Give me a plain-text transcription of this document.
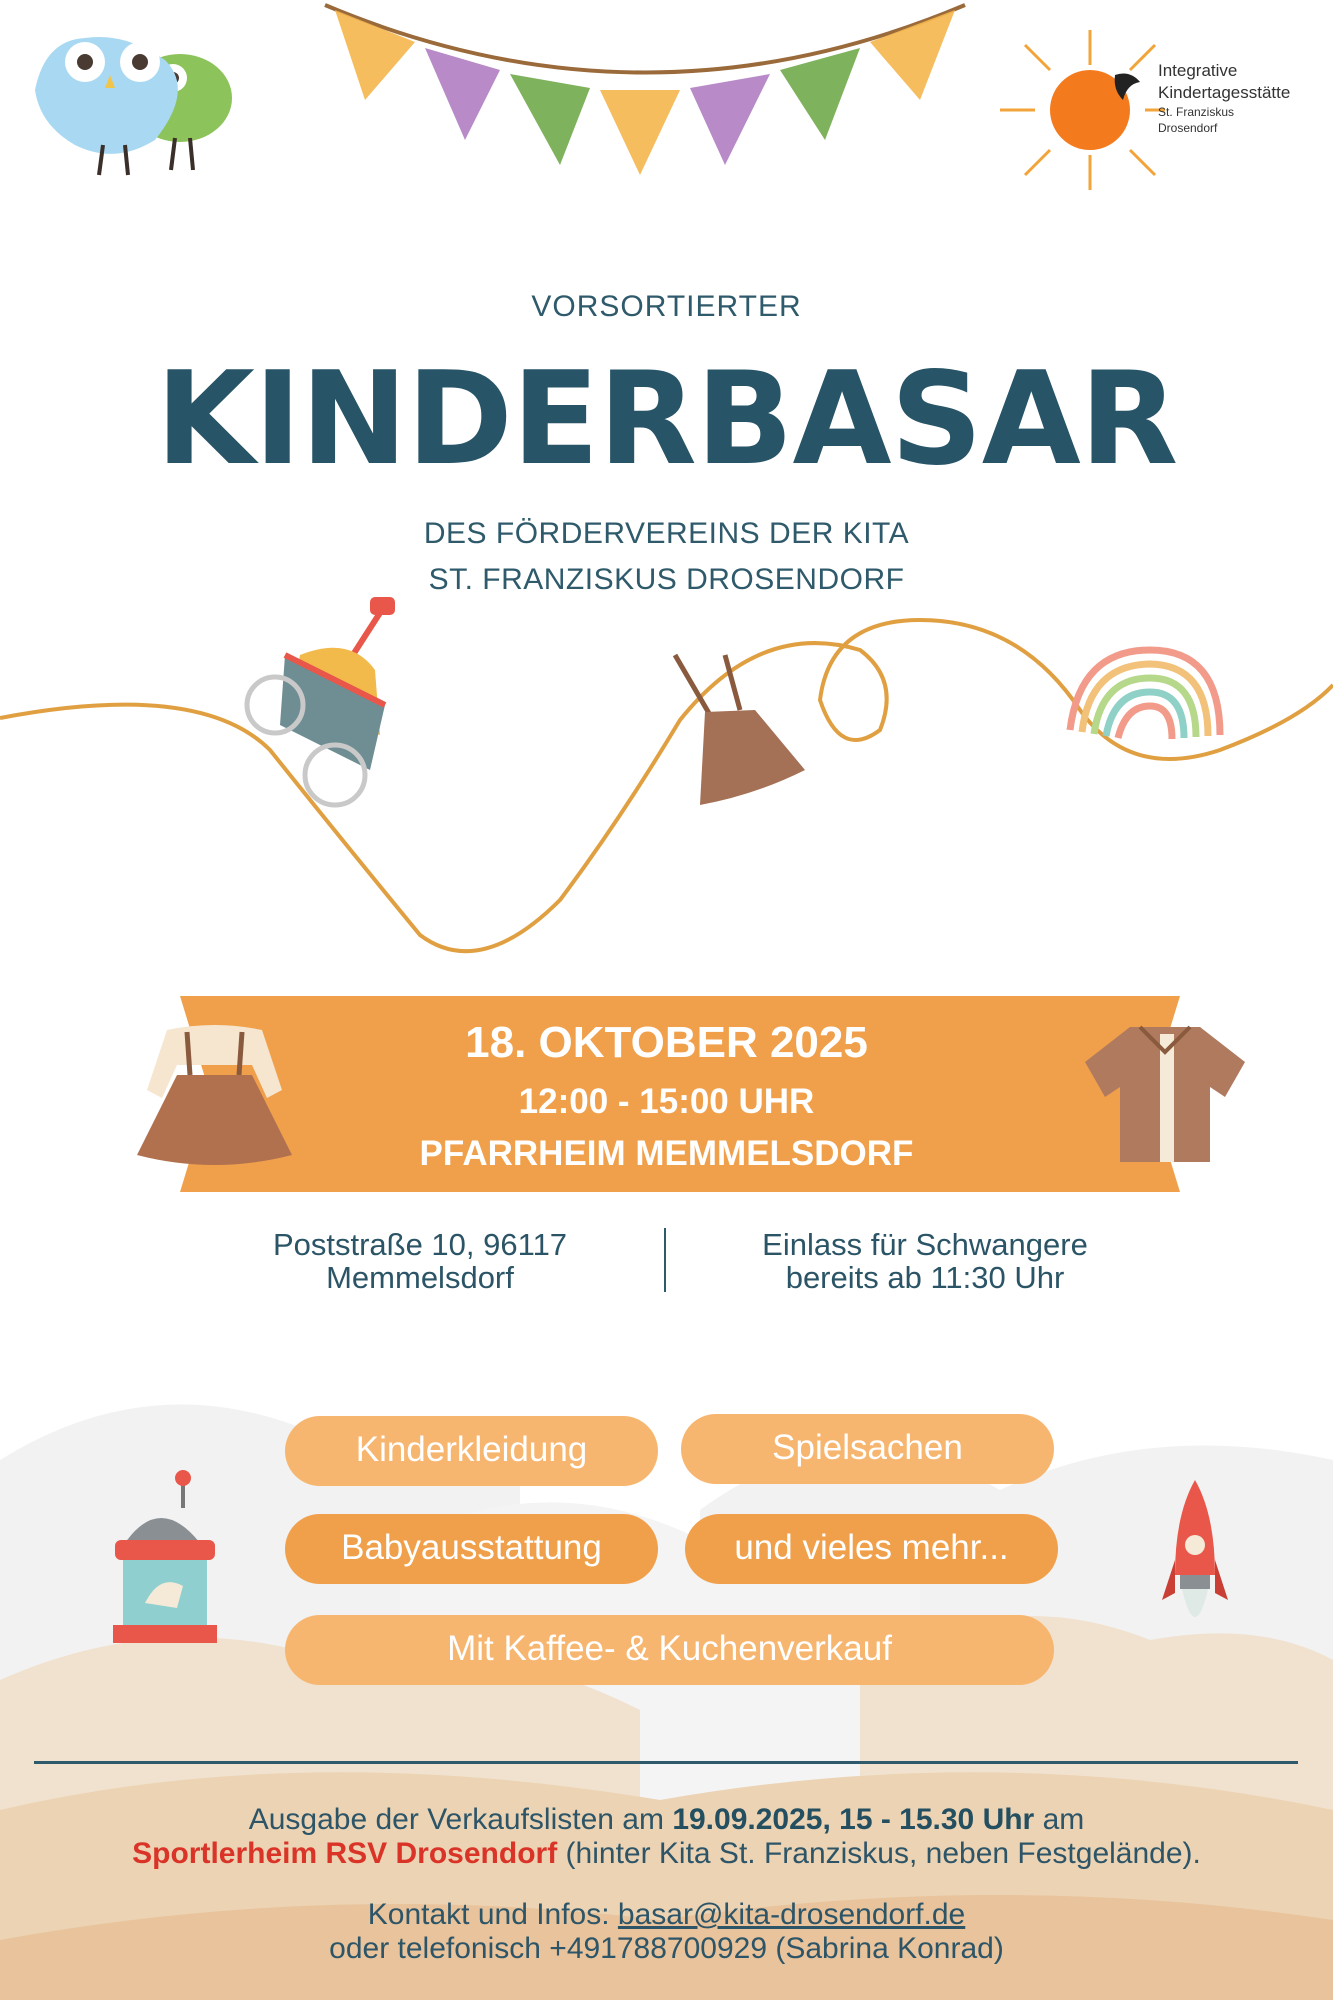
Integrative
Kindertagesstätte
St. Franziskus
Drosendorf
VORSORTIERTER
KINDERBASAR
DES FÖRDERVEREINS DER KITA
ST. FRANZISKUS DROSENDORF
18. OKTOBER 2025
12:00 - 15:00 UHR
PFARRHEIM MEMMELSDORF
Poststraße 10, 96117
Memmelsdorf
Einlass für Schwangere
bereits ab 11:30 Uhr
Kinderkleidung	Spielsachen
Babyausstattung	und vieles mehr...
Mit Kaffee- & Kuchenverkauf
Ausgabe der Verkaufslisten am 19.09.2025, 15 - 15.30 Uhr am
Sportlerheim RSV Drosendorf (hinter Kita St. Franziskus, neben Festgelände).
Kontakt und Infos: basar@kita-drosendorf.de
oder telefonisch +491788700929 (Sabrina Konrad)
